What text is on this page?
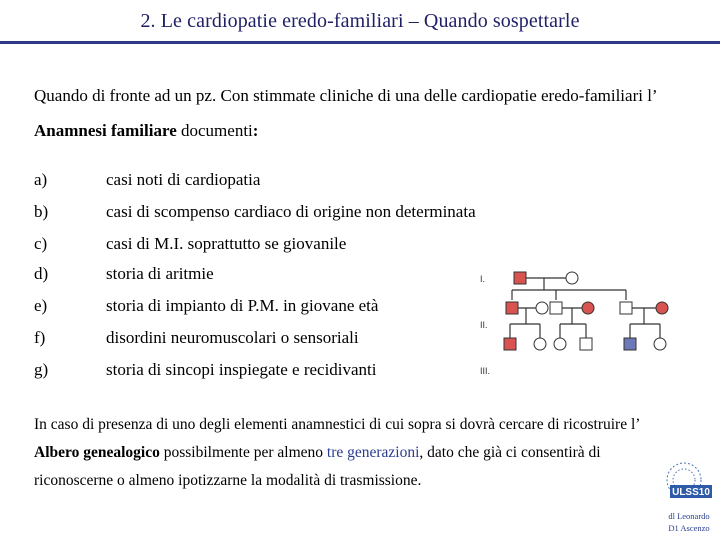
2. Le cardiopatie eredo-familiari – Quando sospettarle
Quando di fronte ad un pz. Con stimmate cliniche di una delle cardiopatie eredo-familiari l’ Anamnesi familiare documenti:
a)	casi noti di cardiopatia
b)	casi di scompenso cardiaco di origine non determinata
c)	casi di M.I. soprattutto se giovanile
d)	storia di aritmie
e)	storia di impianto di P.M. in giovane età
f)	disordini neuromuscolari o sensoriali
g)	storia di sincopi inspiegate e recidivanti
I.
II.
III.
In caso di presenza di uno degli elementi anamnestici di cui sopra si dovrà cercare di ricostruire l’ Albero genealogico possibilmente per almeno tre generazioni, dato che già ci consentirà di riconoscerne o almeno ipotizzarne la modalità di trasmissione.
ULSS10
dl Leonardo
D1 Ascenzo
